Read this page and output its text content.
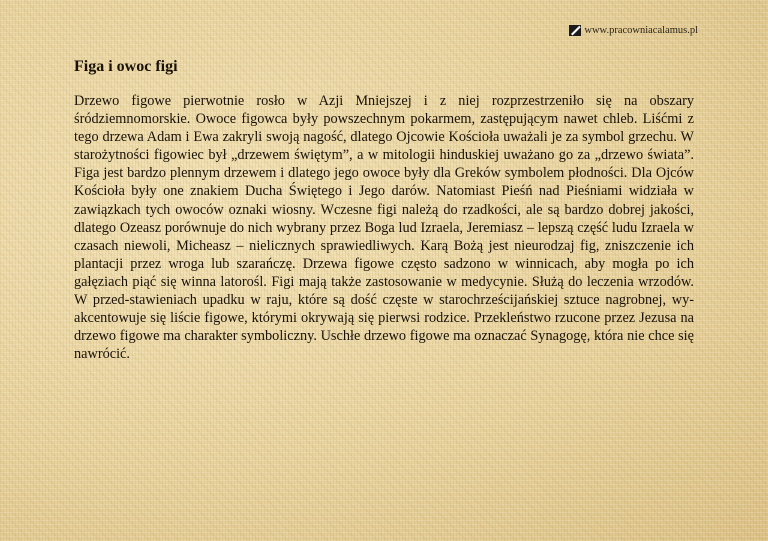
www.pracowniacalamus.pl
Figa i owoc figi

Drzewo figowe pierwotnie rosło w Azji Mniejszej i z niej rozprzestrzeniło się na obszary śródziemnomorskie. Owoce figowca były powszechnym pokarmem, zastępującym nawet chleb. Liśćmi z tego drzewa Adam i Ewa zakryli swoją nagość, dlatego Ojcowie Kościoła uważali je za symbol grzechu. W starożytności figowiec był „drzewem świętym”, a w mitologii hinduskiej uważano go za „drzewo świata”. Figa jest bardzo plennym drzewem i dlatego jego owoce były dla Greków symbolem płodności. Dla Ojców Kościoła były one znakiem Ducha Świętego i Jego darów. Natomiast Pieśń nad Pieśniami widziała w zawiązkach tych owoców oznaki wiosny. Wczesne figi należą do rzadkości, ale są bardzo dobrej jakości, dlatego Ozeasz porównuje do nich wybrany przez Boga lud Izraela, Jeremiasz – lepszą część ludu Izraela w czasach niewoli, Micheasz – nielicznych sprawiedliwych. Karą Bożą jest nieurodzaj fig, zniszczenie ich plantacji przez wroga lub szarańczę. Drzewa figowe często sadzono w winnicach, aby mogła po ich gałęziach piąć się winna latorośl. Figi mają także zastosowanie w medycynie. Służą do leczenia wrzodów. W przed-stawieniach upadku w raju, które są dość częste w starochrześcijańskiej sztuce nagrobnej, wy-akcentowuje się liście figowe, którymi okrywają się pierwsi rodzice. Przekleństwo rzucone przez Jezusa na drzewo figowe ma charakter symboliczny. Uschłe drzewo figowe ma oznaczać Synagogę, która nie chce się nawrócić.
